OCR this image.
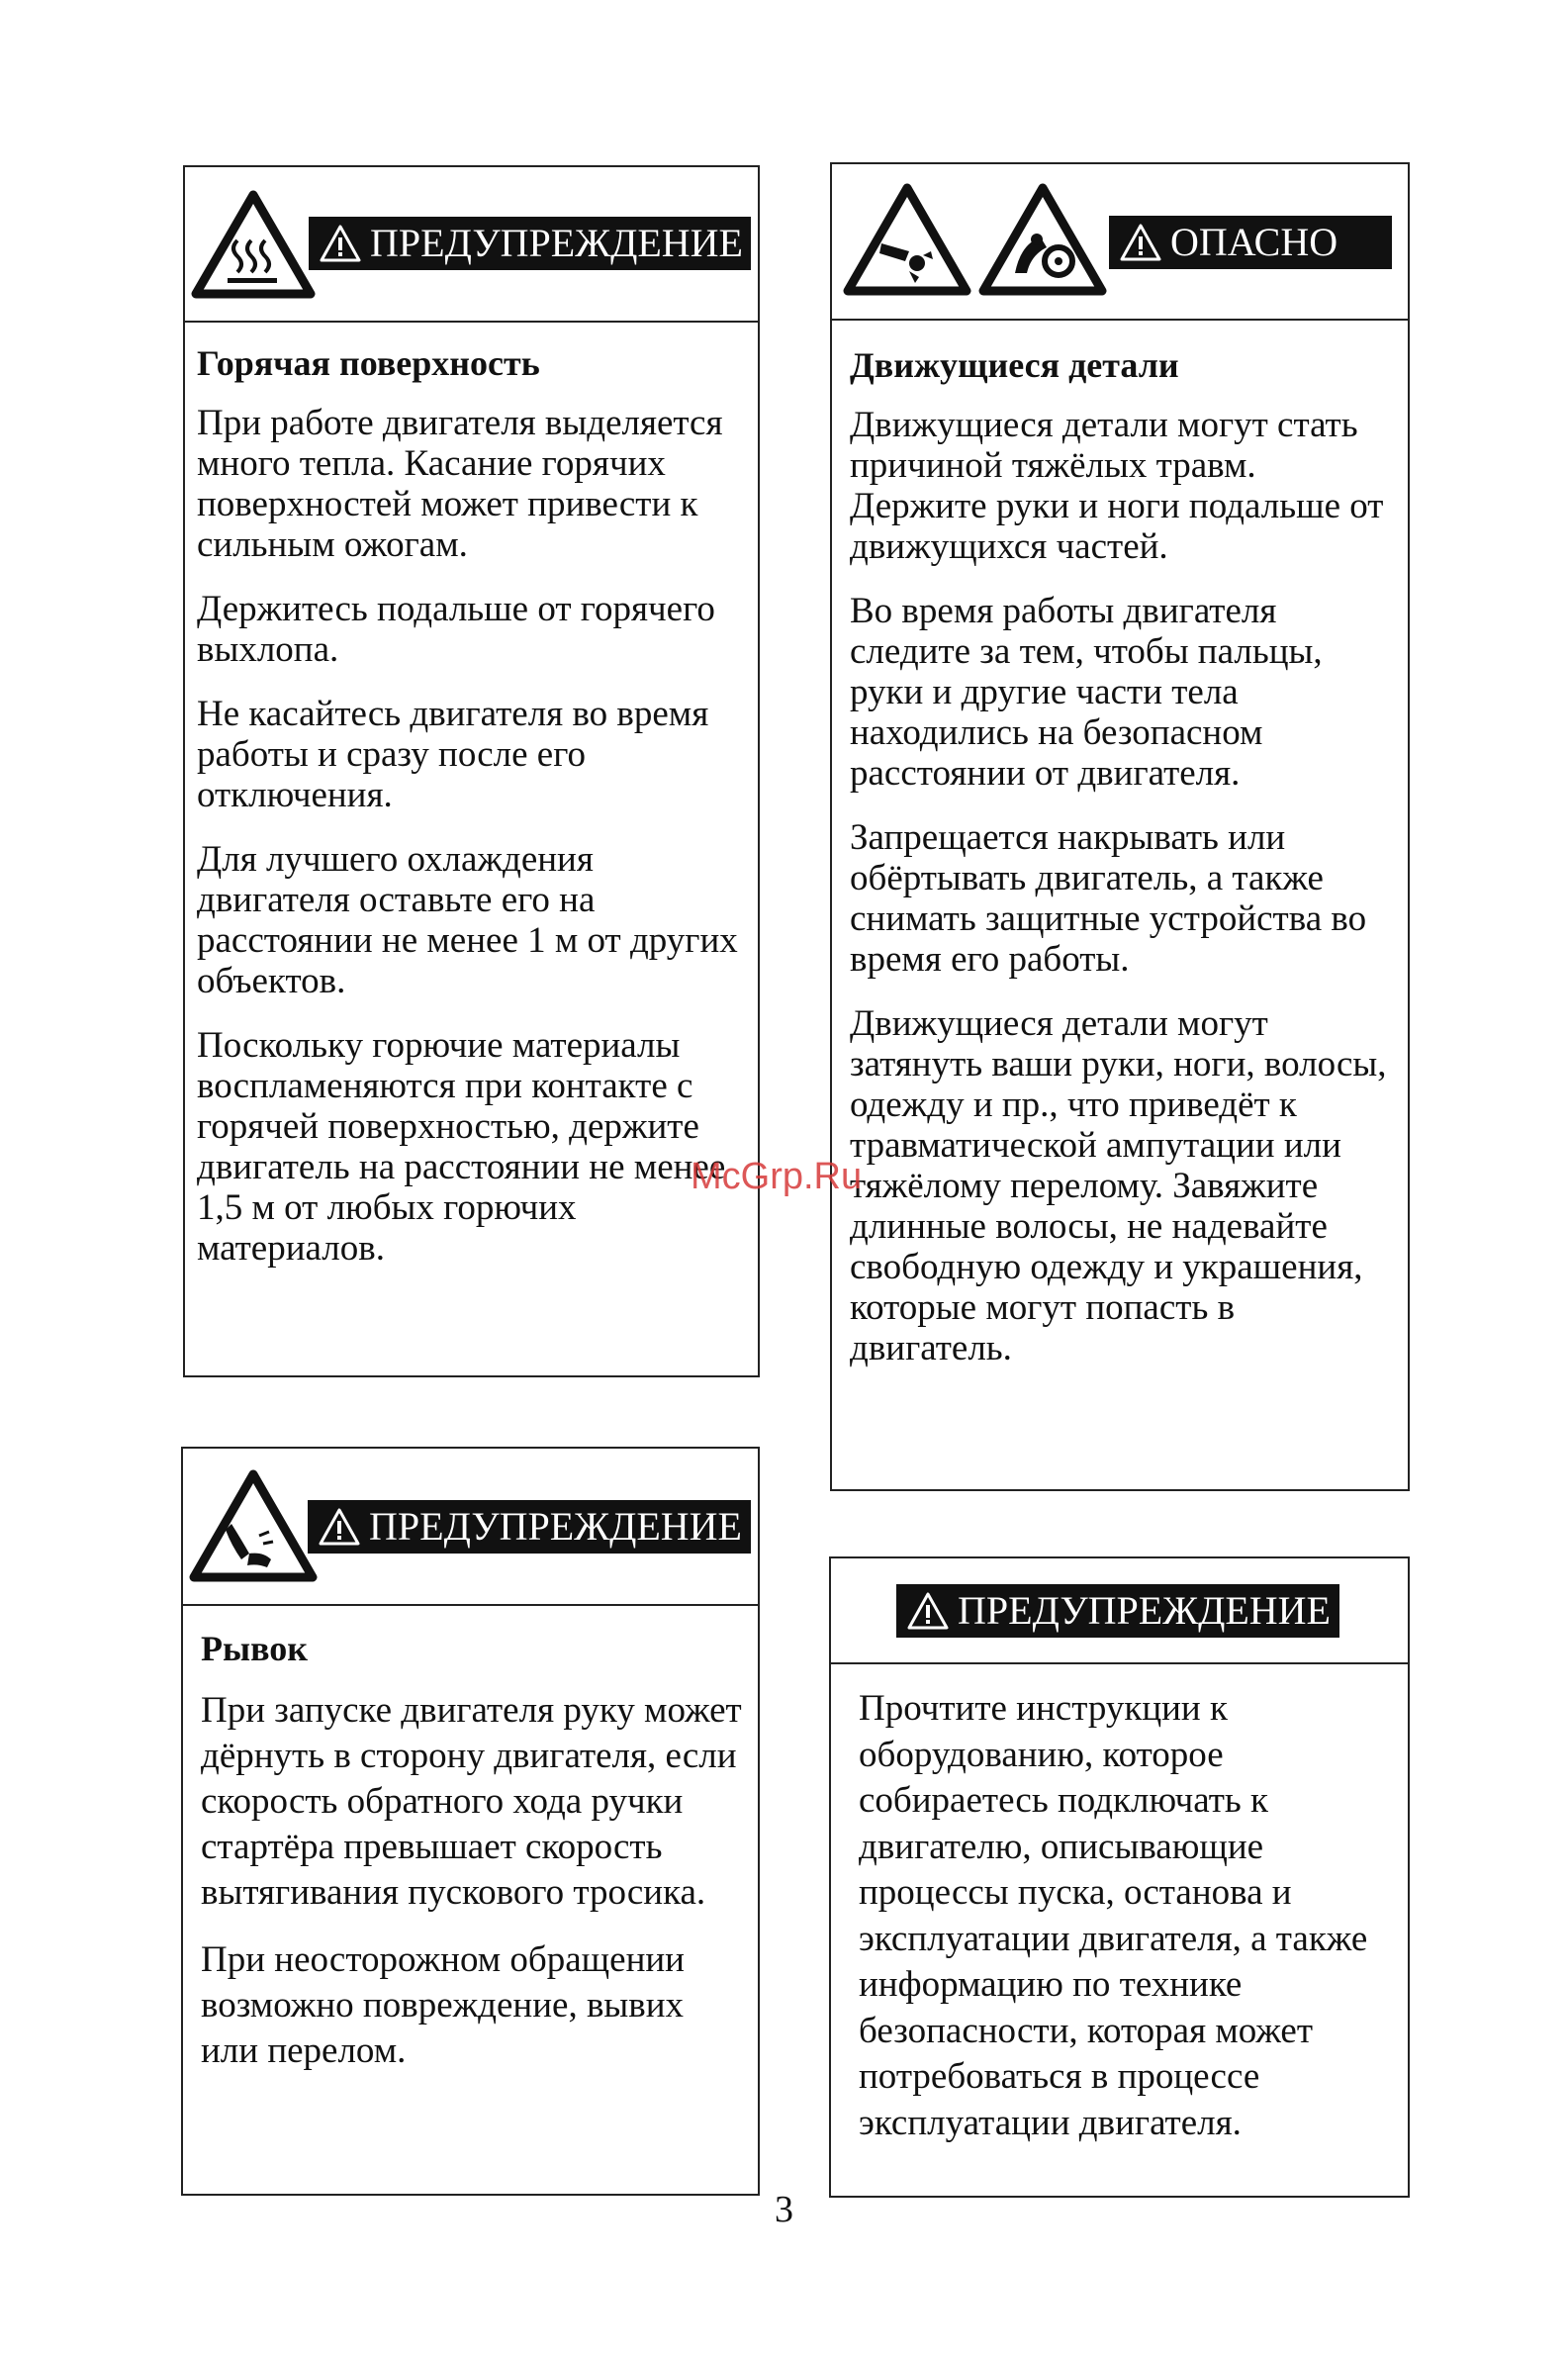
ПРЕДУПРЕЖДЕНИЕ

Горячая поверхность

При работе двигателя выделяется много тепла. Касание горячих поверхностей может привести к сильным ожогам.

Держитесь подальше от горячего выхлопа.

Не касайтесь двигателя во время работы и сразу после его отключения.

Для лучшего охлаждения двигателя оставьте его на расстоянии не менее 1 м от других объектов.

Поскольку горючие материалы воспламеняются при контакте с горячей поверхностью, держите двигатель на расстоянии не менее 1,5 м от любых горючих материалов.

ОПАСНО

Движущиеся детали

Движущиеся детали могут стать причиной тяжёлых травм. Держите руки и ноги подальше от движущихся частей.

Во время работы двигателя следите за тем, чтобы пальцы, руки и другие части тела находились на безопасном расстоянии от двигателя.

Запрещается накрывать или обёртывать двигатель, а также снимать защитные устройства во время его работы.

Движущиеся детали могут затянуть ваши руки, ноги, волосы, одежду и пр., что приведёт к травматической ампутации или тяжёлому перелому. Завяжите длинные волосы, не надевайте свободную одежду и украшения, которые могут попасть в двигатель.

ПРЕДУПРЕЖДЕНИЕ

Рывок

При запуске двигателя руку может дёрнуть в сторону двигателя, если скорость обратного хода ручки стартёра превышает скорость вытягивания пускового тросика.

При неосторожном обращении возможно повреждение, вывих или перелом.

ПРЕДУПРЕЖДЕНИЕ

Прочтите инструкции к оборудованию, которое собираетесь подключать к двигателю, описывающие процессы пуска, останова и эксплуатации двигателя, а также информацию по технике безопасности, которая может потребоваться в процессе эксплуатации двигателя.

McGrp.Ru
3
